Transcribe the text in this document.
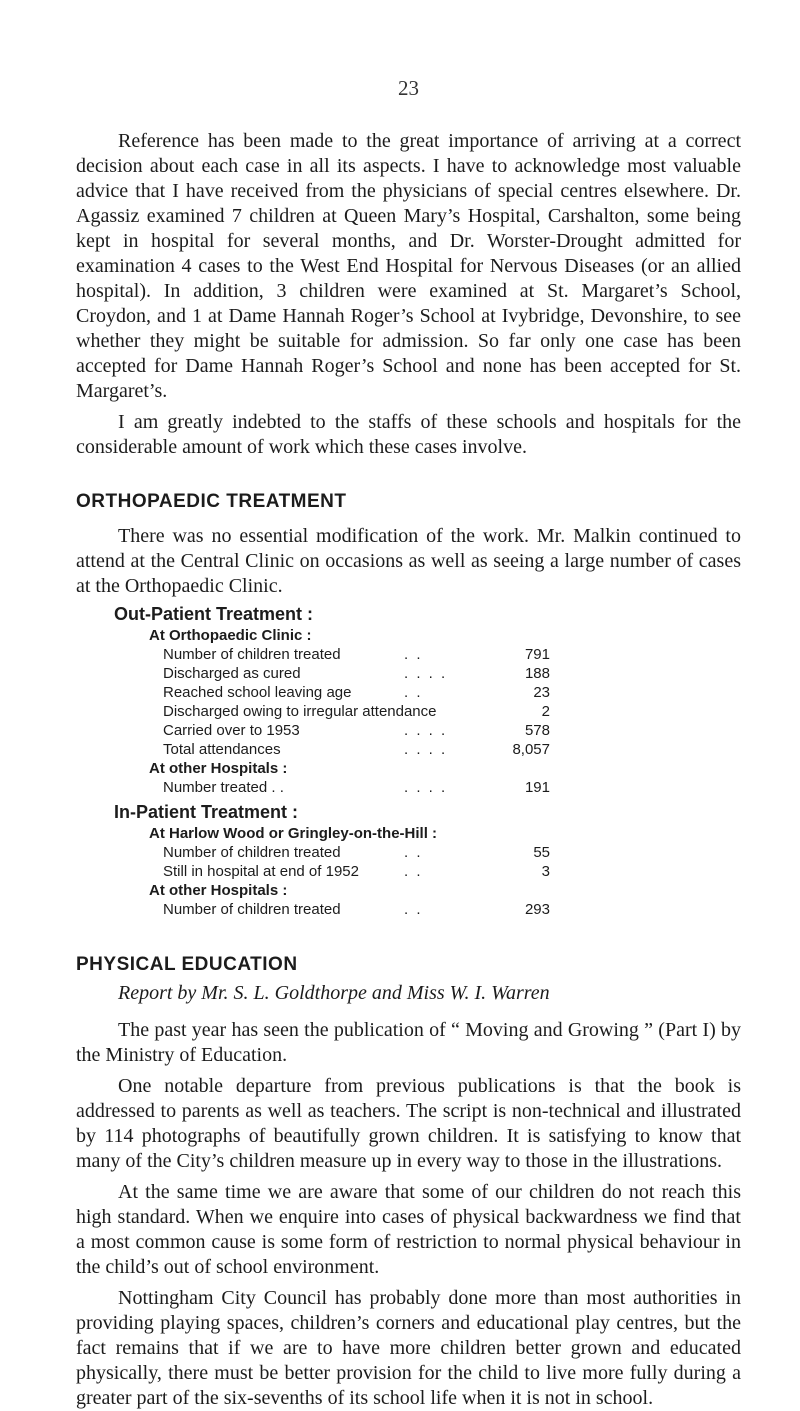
23

Reference has been made to the great importance of arriving at a correct decision about each case in all its aspects. I have to acknowledge most valuable advice that I have received from the physicians of special centres elsewhere. Dr. Agassiz examined 7 children at Queen Mary’s Hospital, Carshalton, some being kept in hospital for several months, and Dr. Worster-Drought admitted for examination 4 cases to the West End Hospital for Nervous Diseases (or an allied hospital). In addition, 3 children were examined at St. Margaret’s School, Croydon, and 1 at Dame Hannah Roger’s School at Ivybridge, Devonshire, to see whether they might be suitable for admission. So far only one case has been accepted for Dame Hannah Roger’s School and none has been accepted for St. Margaret’s.

I am greatly indebted to the staffs of these schools and hospitals for the considerable amount of work which these cases involve.

ORTHOPAEDIC TREATMENT

There was no essential modification of the work. Mr. Malkin continued to attend at the Central Clinic on occasions as well as seeing a large number of cases at the Orthopaedic Clinic.

Out-Patient Treatment :
At Orthopaedic Clinic :
Number of children treated	. .	791
Discharged as cured	. . . .	188
Reached school leaving age	. .	23
Discharged owing to irregular attendance	2
Carried over to 1953	. . . .	578
Total attendances	. . . .	8,057
At other Hospitals :
Number treated . .	. . . .	191
In-Patient Treatment :
At Harlow Wood or Gringley-on-the-Hill :
Number of children treated	. .	55
Still in hospital at end of 1952	. .	3
At other Hospitals :
Number of children treated	. .	293
PHYSICAL EDUCATION
Report by Mr. S. L. Goldthorpe and Miss W. I. Warren

The past year has seen the publication of “ Moving and Growing ” (Part I) by the Ministry of Education.

One notable departure from previous publications is that the book is addressed to parents as well as teachers. The script is non-technical and illustrated by 114 photographs of beautifully grown children. It is satisfying to know that many of the City’s children measure up in every way to those in the illustrations.

At the same time we are aware that some of our children do not reach this high standard. When we enquire into cases of physical backwardness we find that a most common cause is some form of restriction to normal physical behaviour in the child’s out of school environment.

Nottingham City Council has probably done more than most authorities in providing playing spaces, children’s corners and educational play centres, but the fact remains that if we are to have more children better grown and educated physically, there must be better provision for the child to live more fully during a greater part of the six-sevenths of its school life when it is not in school.
